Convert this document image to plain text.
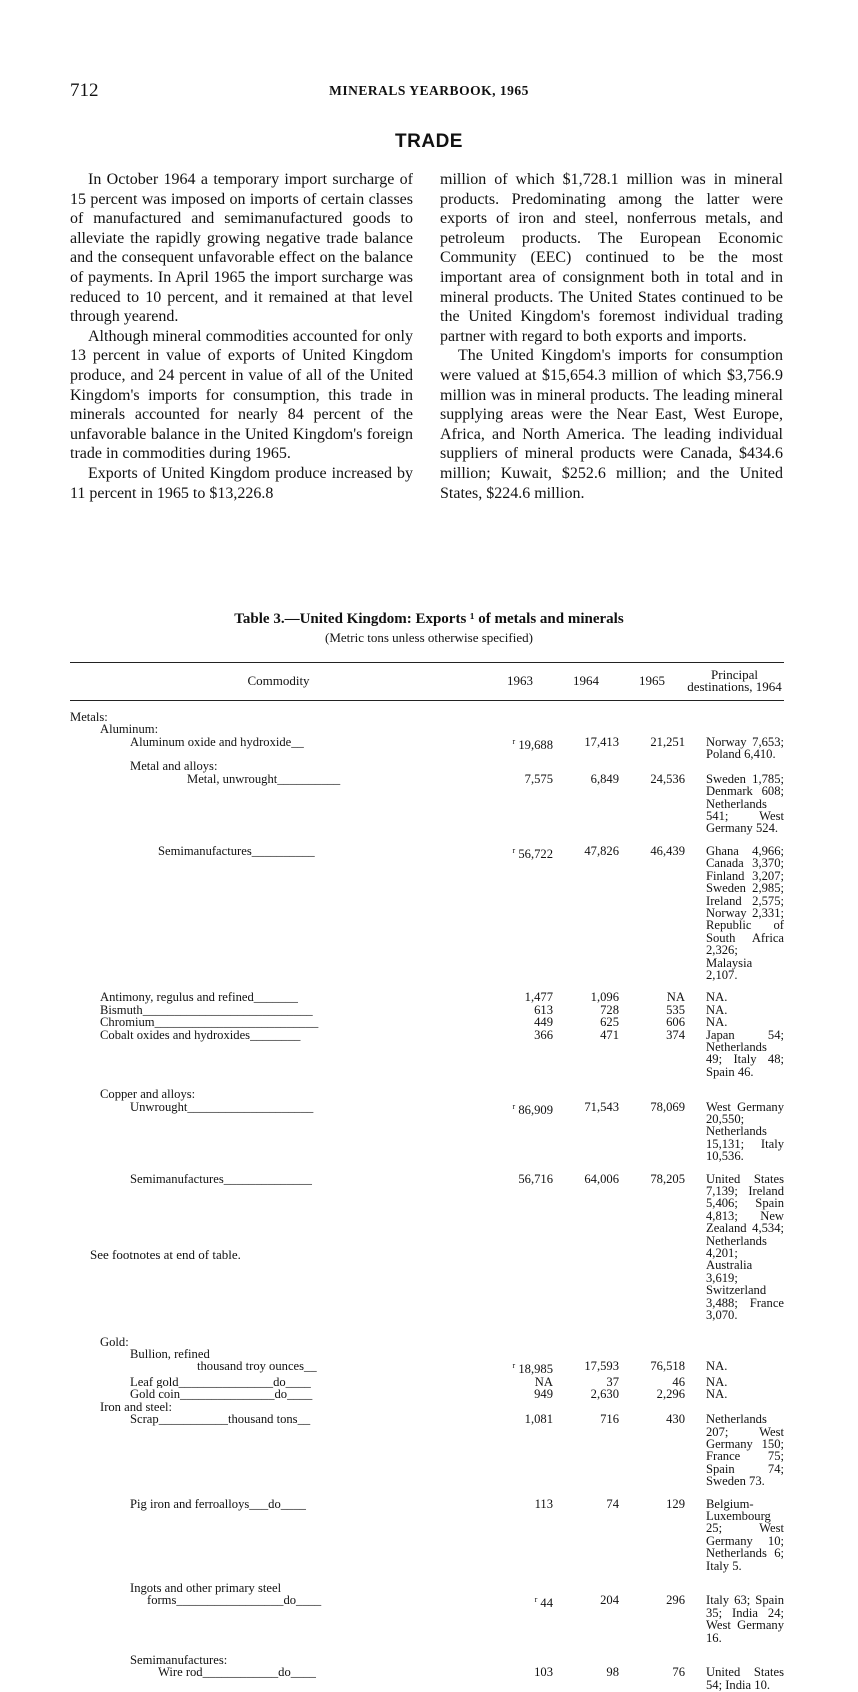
712	MINERALS YEARBOOK, 1965
TRADE

In October 1964 a temporary import surcharge of 15 percent was imposed on imports of certain classes of manufactured and semimanufactured goods to alleviate the rapidly growing negative trade balance and the consequent unfavorable effect on the balance of payments. In April 1965 the import surcharge was reduced to 10 percent, and it remained at that level through yearend.

Although mineral commodities accounted for only 13 percent in value of exports of United Kingdom produce, and 24 percent in value of all of the United Kingdom's imports for consumption, this trade in minerals accounted for nearly 84 percent of the unfavorable balance in the United Kingdom's foreign trade in commodities during 1965.

Exports of United Kingdom produce increased by 11 percent in 1965 to $13,226.8

million of which $1,728.1 million was in mineral products. Predominating among the latter were exports of iron and steel, nonferrous metals, and petroleum products. The European Economic Community (EEC) continued to be the most important area of consignment both in total and in mineral products. The United States continued to be the United Kingdom's foremost individual trading partner with regard to both exports and imports.

The United Kingdom's imports for consumption were valued at $15,654.3 million of which $3,756.9 million was in mineral products. The leading mineral supplying areas were the Near East, West Europe, Africa, and North America. The leading individual suppliers of mineral products were Canada, $434.6 million; Kuwait, $252.6 million; and the United States, $224.6 million.

Table 3.—United Kingdom: Exports ¹ of metals and minerals
(Metric tons unless otherwise specified)
Commodity	1963	1964	1965	Principal destinations, 1964
Metals:				
Aluminum:				
Aluminum oxide and hydroxide__	$^r$ 19,688	17,413	21,251	Norway 7,653; Poland 6,410.
Metal and alloys:				
Metal, unwrought__________	7,575	6,849	24,536	Sweden 1,785; Denmark 608; Netherlands 541; West Germany 524.
Semimanufactures__________	$^r$ 56,722	47,826	46,439	Ghana 4,966; Canada 3,370; Finland 3,207; Sweden 2,985; Ireland 2,575; Norway 2,331; Republic of South Africa 2,326; Malaysia 2,107.
Antimony, regulus and refined_______	1,477	1,096	NA	NA.
Bismuth___________________________	613	728	535	NA.
Chromium__________________________	449	625	606	NA.
Cobalt oxides and hydroxides________	366	471	374	Japan 54; Netherlands 49; Italy 48; Spain 46.
Copper and alloys:				
Unwrought____________________	$^r$ 86,909	71,543	78,069	West Germany 20,550; Netherlands 15,131; Italy 10,536.
Semimanufactures______________	56,716	64,006	78,205	United States 7,139; Ireland 5,406; Spain 4,813; New Zealand 4,534; Netherlands 4,201; Australia 3,619; Switzerland 3,488; France 3,070.
Gold:				
Bullion, refined				
thousand troy ounces__	$^r$ 18,985	17,593	76,518	NA.
Leaf gold_______________do____	NA	37	46	NA.
Gold coin_______________do____	949	2,630	2,296	NA.
Iron and steel:				
Scrap___________thousand tons__	1,081	716	430	Netherlands 207; West Germany 150; France 75; Spain 74; Sweden 73.
Pig iron and ferroalloys___do____	113	74	129	Belgium-Luxembourg 25; West Germany 10; Netherlands 6; Italy 5.
Ingots and other primary steel				
forms_________________do____	$^r$ 44	204	296	Italy 63; Spain 35; India 24; West Germany 16.
Semimanufactures:				
Wire rod____________do____	103	98	76	United States 54; India 10.
See footnotes at end of table.
